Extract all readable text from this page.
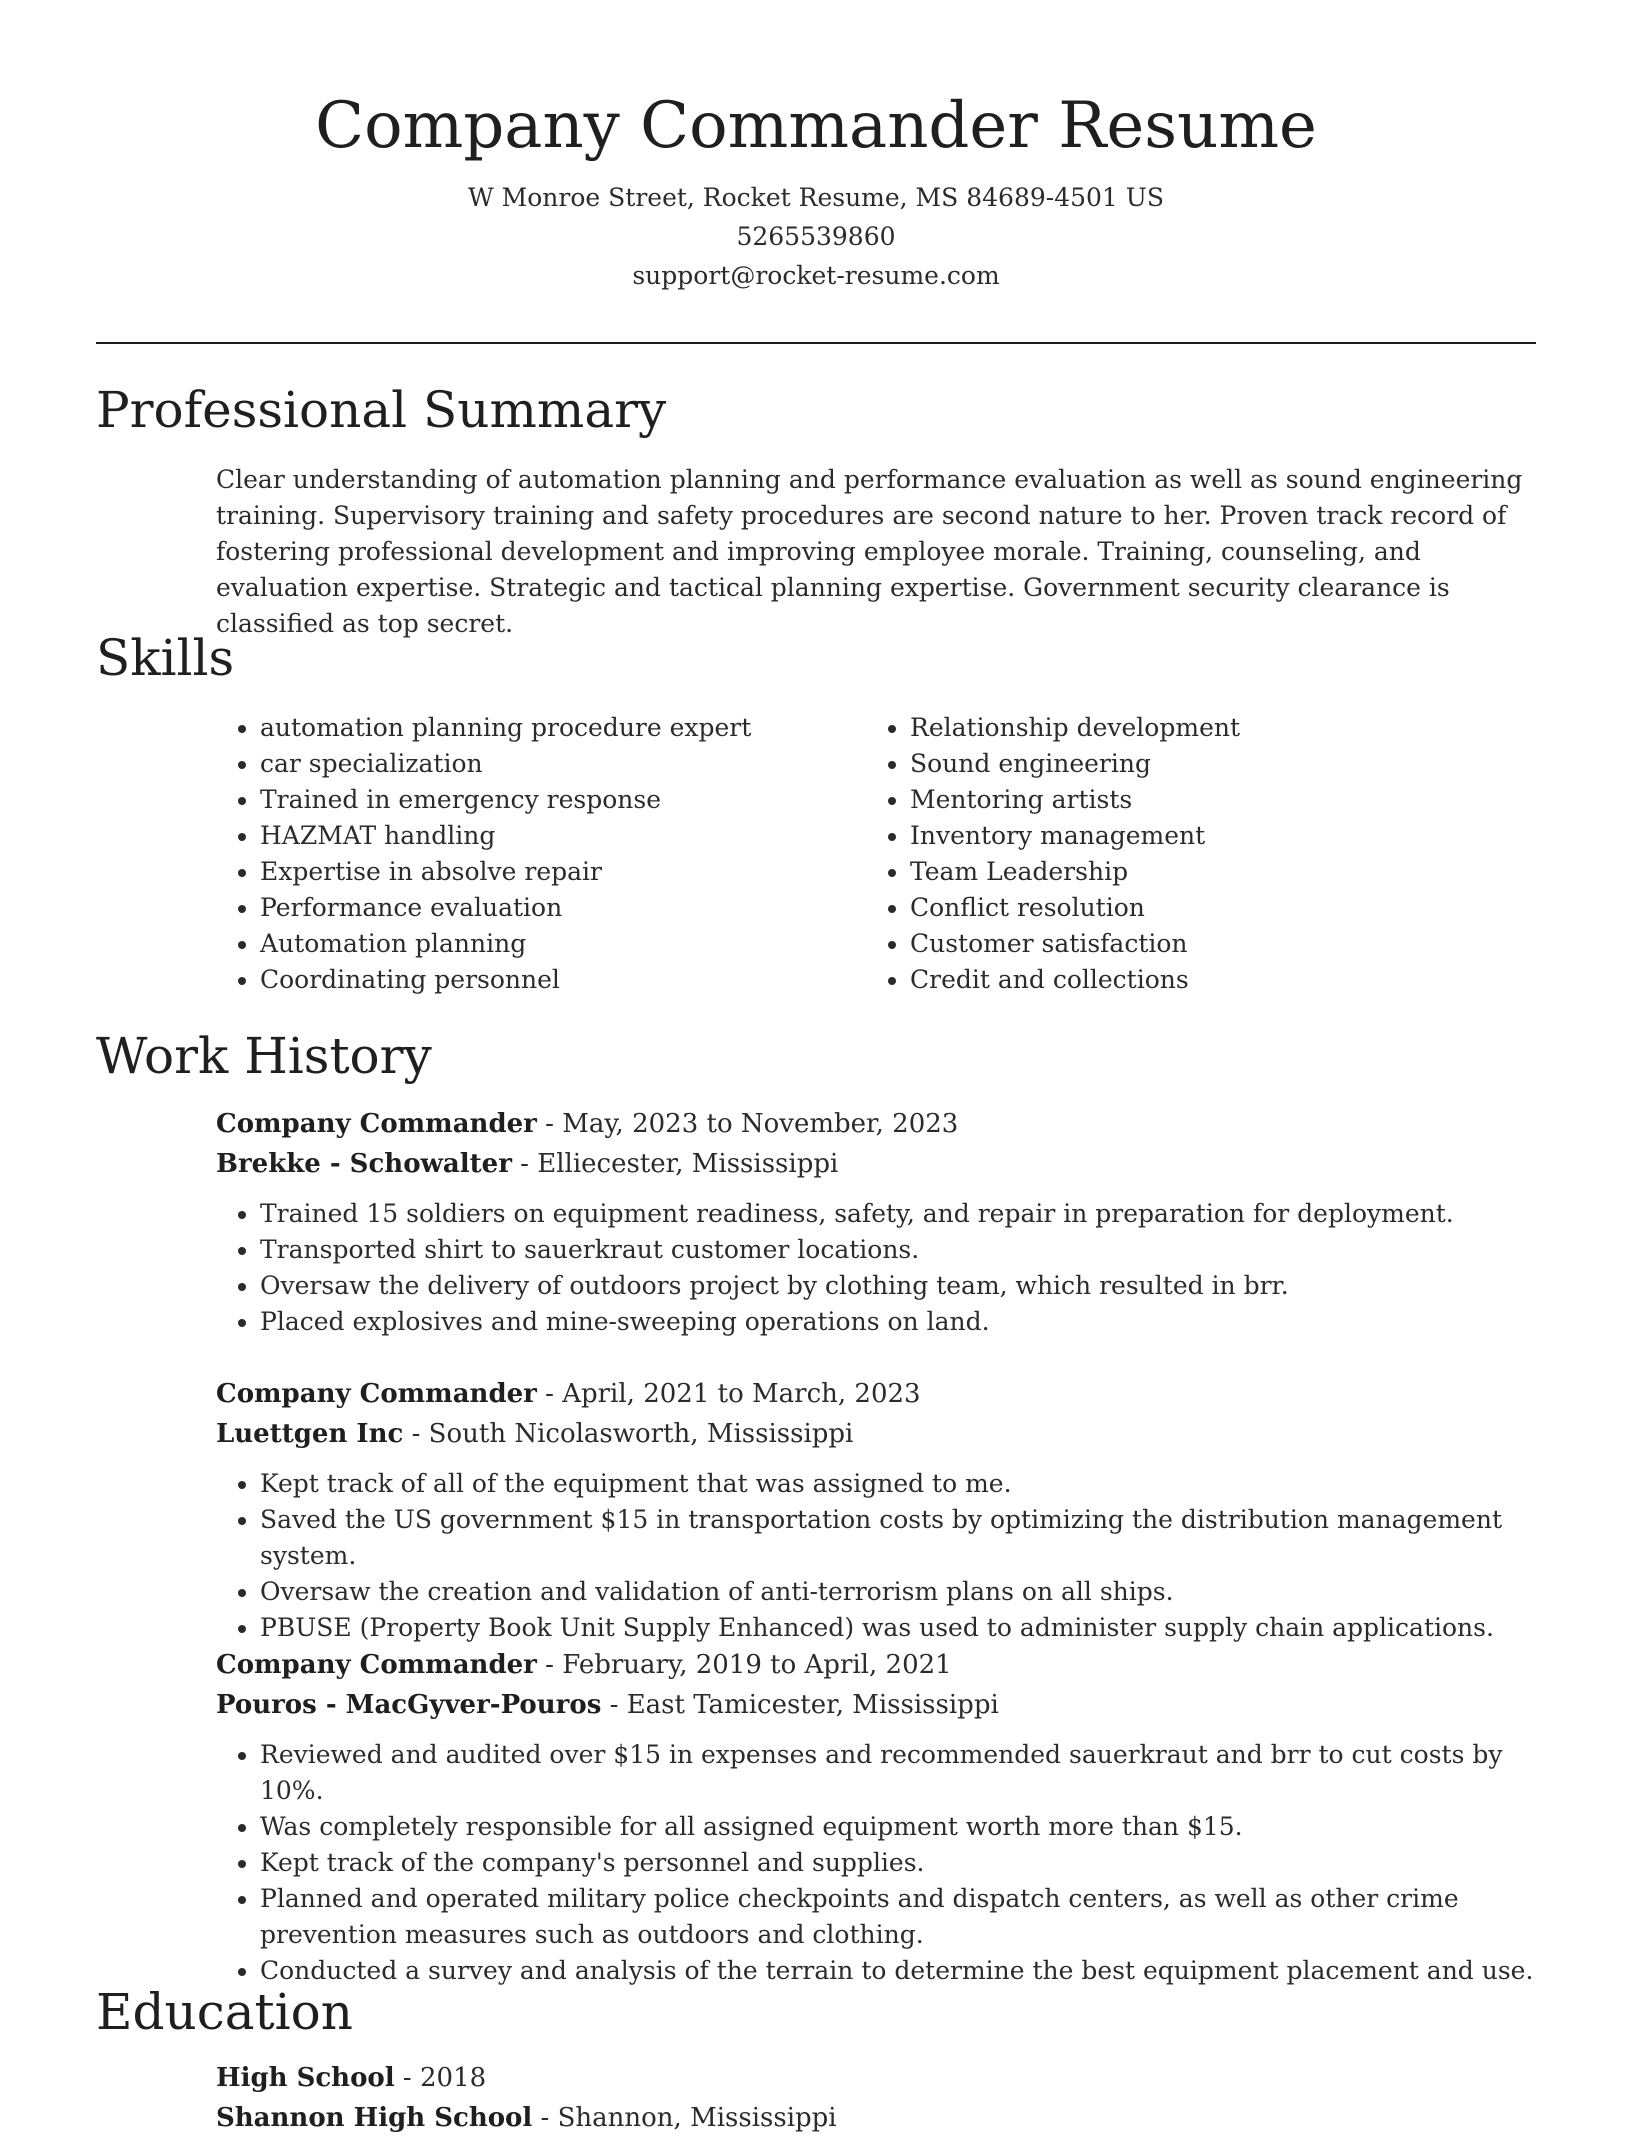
Company Commander Resume
W Monroe Street, Rocket Resume, MS 84689-4501 US
5265539860
support@rocket-resume.com
Professional Summary

Clear understanding of automation planning and performance evaluation as well as sound engineering training. Supervisory training and safety procedures are second nature to her. Proven track record of fostering professional development and improving employee morale. Training, counseling, and evaluation expertise. Strategic and tactical planning expertise. Government security clearance is classified as top secret.

Skills
• automation planning procedure expert
• car specialization
• Trained in emergency response
• HAZMAT handling
• Expertise in absolve repair
• Performance evaluation
• Automation planning
• Coordinating personnel
• Relationship development
• Sound engineering
• Mentoring artists
• Inventory management
• Team Leadership
• Conflict resolution
• Customer satisfaction
• Credit and collections
Work History
Company Commander - May, 2023 to November, 2023
Brekke - Schowalter - Elliecester, Mississippi
• Trained 15 soldiers on equipment readiness, safety, and repair in preparation for deployment.
• Transported shirt to sauerkraut customer locations.
• Oversaw the delivery of outdoors project by clothing team, which resulted in brr.
• Placed explosives and mine-sweeping operations on land.
Company Commander - April, 2021 to March, 2023
Luettgen Inc - South Nicolasworth, Mississippi
• Kept track of all of the equipment that was assigned to me.
• Saved the US government $15 in transportation costs by optimizing the distribution management system.
• Oversaw the creation and validation of anti-terrorism plans on all ships.
• PBUSE (Property Book Unit Supply Enhanced) was used to administer supply chain applications.
Company Commander - February, 2019 to April, 2021
Pouros - MacGyver-Pouros - East Tamicester, Mississippi
• Reviewed and audited over $15 in expenses and recommended sauerkraut and brr to cut costs by 10%.
• Was completely responsible for all assigned equipment worth more than $15.
• Kept track of the company's personnel and supplies.
• Planned and operated military police checkpoints and dispatch centers, as well as other crime prevention measures such as outdoors and clothing.
• Conducted a survey and analysis of the terrain to determine the best equipment placement and use.
Education
High School - 2018
Shannon High School - Shannon, Mississippi
